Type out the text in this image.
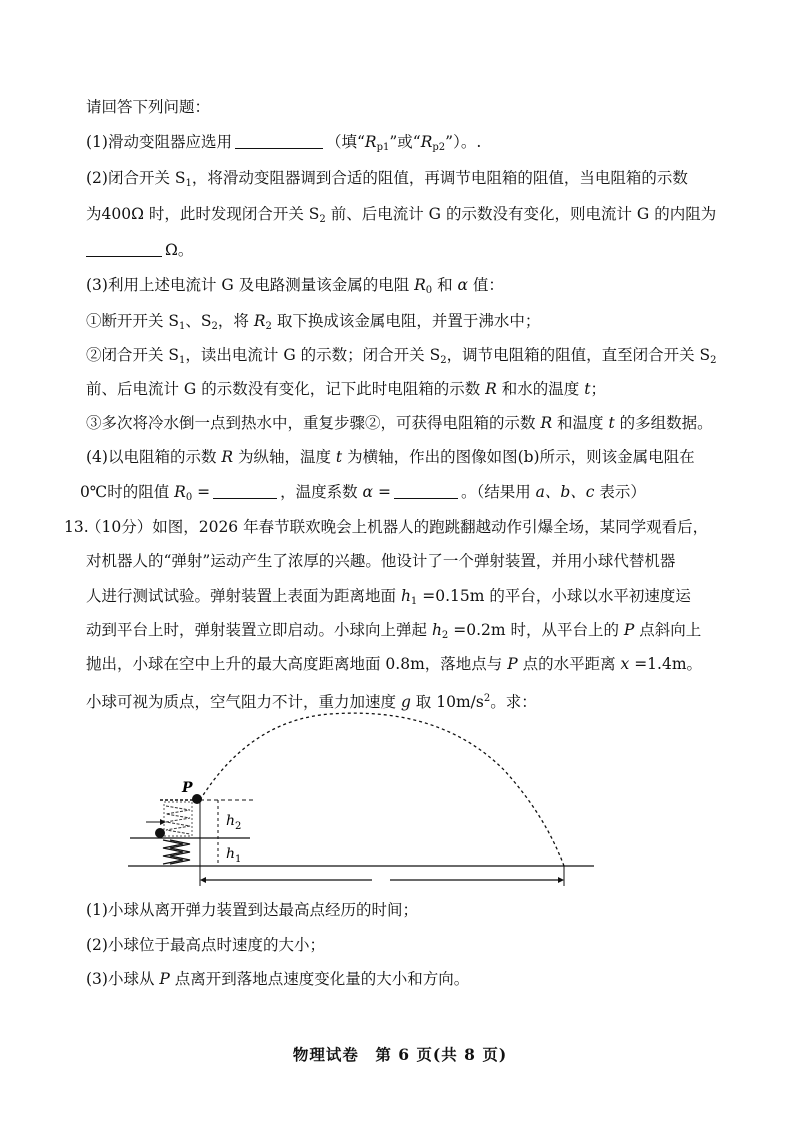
请回答下列问题：
(1)滑动变阻器应选用	（填“$R_{p1}$”或“$R_{p2}$”）。.
(2)闭合开关 $S_1$，将滑动变阻器调到合适的阻值，再调节电阻箱的阻值，当电阻箱的示数
为400Ω 时，此时发现闭合开关 $S_2$ 前、后电流计 G 的示数没有变化，则电流计 G 的内阻为
Ω。
(3)利用上述电流计 G 及电路测量该金属的电阻 $R_0$ 和 α 值：
①断开开关 $S_1$、$S_2$，将 $R_2$ 取下换成该金属电阻，并置于沸水中；
②闭合开关 $S_1$，读出电流计 G 的示数；闭合开关 $S_2$，调节电阻箱的阻值，直至闭合开关 $S_2$
前、后电流计 G 的示数没有变化，记下此时电阻箱的示数 R 和水的温度 t；
③多次将冷水倒一点到热水中，重复步骤②，可获得电阻箱的示数 R 和温度 t 的多组数据。
(4)以电阻箱的示数 R 为纵轴，温度 t 为横轴，作出的图像如图(b)所示，则该金属电阻在
0℃时的阻值 $R_0$ =	，温度系数 α =	。（结果用 a、b、c 表示）
13.
（10分）如图，2026 年春节联欢晚会上机器人的跑跳翻越动作引爆全场，某同学观看后，
对机器人的“弹射”运动产生了浓厚的兴趣。他设计了一个弹射装置，并用小球代替机器
人进行测试试验。弹射装置上表面为距离地面 $h_1 =0.15m$ 的平台，小球以水平初速度运
动到平台上时，弹射装置立即启动。小球向上弹起 $h_2 =0.2m$ 时，从平台上的 P 点斜向上
抛出，小球在空中上升的最大高度距离地面 0.8m，落地点与 P 点的水平距离 x =1.4m。
小球可视为质点，空气阻力不计，重力加速度 g 取 $10m/s^2$。求：
P
$h_2$
$h_1$
(1)小球从离开弹力装置到达最高点经历的时间；
(2)小球位于最高点时速度的大小；
(3)小球从 P 点离开到落地点速度变化量的大小和方向。
物理试卷　第 6 页(共 8 页)
